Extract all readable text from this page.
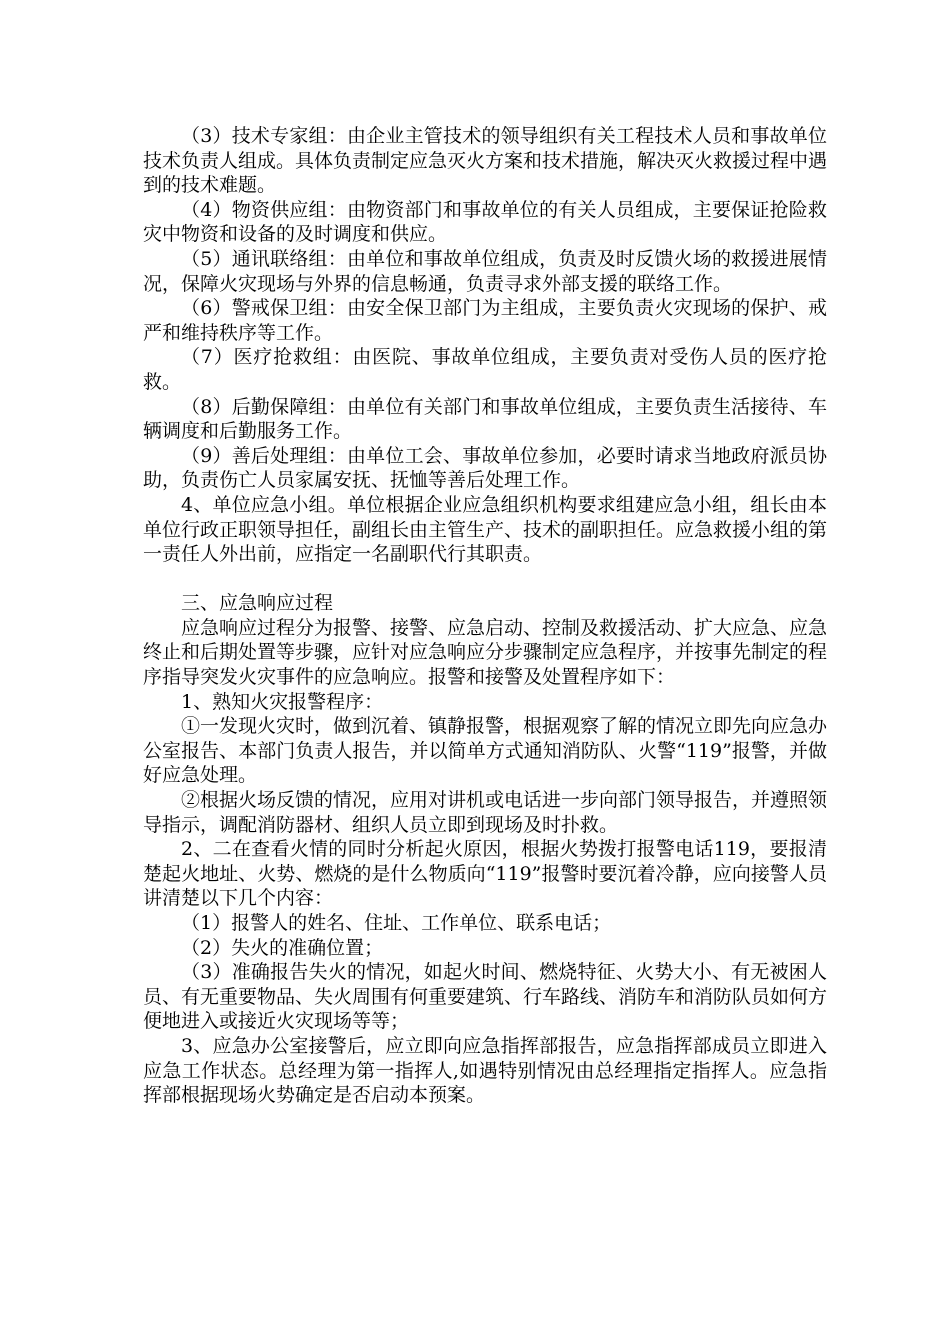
（3）技术专家组：由企业主管技术的领导组织有关工程技术人员和事故单位技术负责人组成。具体负责制定应急灭火方案和技术措施，解决灭火救援过程中遇到的技术难题。

（4）物资供应组：由物资部门和事故单位的有关人员组成，主要保证抢险救灾中物资和设备的及时调度和供应。

（5）通讯联络组：由单位和事故单位组成，负责及时反馈火场的救援进展情况，保障火灾现场与外界的信息畅通，负责寻求外部支援的联络工作。

（6）警戒保卫组：由安全保卫部门为主组成，主要负责火灾现场的保护、戒严和维持秩序等工作。

（7）医疗抢救组：由医院、事故单位组成，主要负责对受伤人员的医疗抢救。

（8）后勤保障组：由单位有关部门和事故单位组成，主要负责生活接待、车辆调度和后勤服务工作。

（9）善后处理组：由单位工会、事故单位参加，必要时请求当地政府派员协助，负责伤亡人员家属安抚、抚恤等善后处理工作。

4、单位应急小组。单位根据企业应急组织机构要求组建应急小组，组长由本单位行政正职领导担任，副组长由主管生产、技术的副职担任。应急救援小组的第一责任人外出前，应指定一名副职代行其职责。

三、应急响应过程

应急响应过程分为报警、接警、应急启动、控制及救援活动、扩大应急、应急终止和后期处置等步骤，应针对应急响应分步骤制定应急程序，并按事先制定的程序指导突发火灾事件的应急响应。报警和接警及处置程序如下：

1、熟知火灾报警程序：

①一发现火灾时，做到沉着、镇静报警，根据观察了解的情况立即先向应急办公室报告、本部门负责人报告，并以简单方式通知消防队、火警“119”报警，并做好应急处理。

②根据火场反馈的情况，应用对讲机或电话进一步向部门领导报告，并遵照领导指示，调配消防器材、组织人员立即到现场及时扑救。

2、二在查看火情的同时分析起火原因，根据火势拨打报警电话119，要报清楚起火地址、火势、燃烧的是什么物质向“119”报警时要沉着冷静，应向接警人员讲清楚以下几个内容：

（1）报警人的姓名、住址、工作单位、联系电话；

（2）失火的准确位置；

（3）准确报告失火的情况，如起火时间、燃烧特征、火势大小、有无被困人员、有无重要物品、失火周围有何重要建筑、行车路线、消防车和消防队员如何方便地进入或接近火灾现场等等；

3、应急办公室接警后，应立即向应急指挥部报告，应急指挥部成员立即进入应急工作状态。总经理为第一指挥人,如遇特别情况由总经理指定指挥人。应急指挥部根据现场火势确定是否启动本预案。
